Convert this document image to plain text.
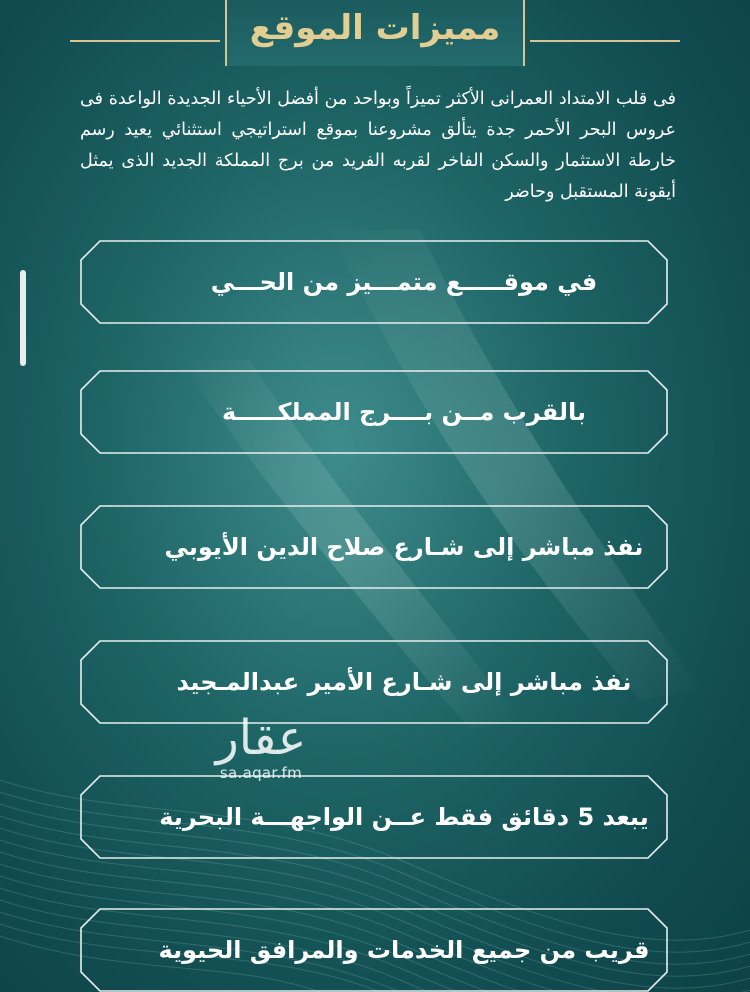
مميزات الموقع
فى قلب الامتداد العمرانى الأكثر تميزاً وبواحد من أفضل الأحياء الجديدة الواعدة فى عروس البحر الأحمر جدة يتألق مشروعنا بموقع استراتيجي استثنائي يعيد رسم خارطة الاستثمار والسكن الفاخر لقربه الفريد من برج المملكة الجديد الذى يمثل أيقونة المستقبل وحاضر
في موقـــــع متمـــيز من الحـــي
بالقرب مــن بــــرج المملكـــــة
نفذ مباشر إلى شـارع صلاح الدين الأيوبي
نفذ مباشر إلى شـارع الأمير عبدالمـجيد
يبعد 5 دقائق فقط عــن الواجهـــة البحرية
قريب من جميع الخدمات والمرافق الحيوية
عقار
sa.aqar.fm
